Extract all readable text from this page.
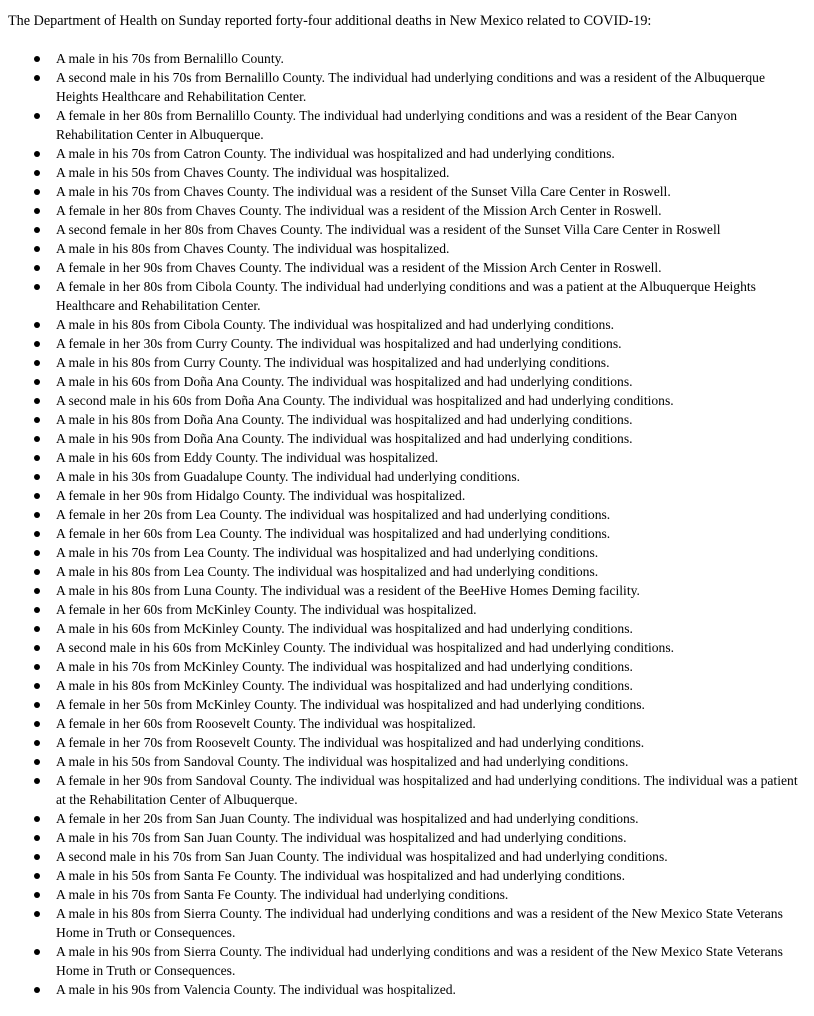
The Department of Health on Sunday reported forty-four additional deaths in New Mexico related to COVID-19:

A male in his 70s from Bernalillo County.
A second male in his 70s from Bernalillo County. The individual had underlying conditions and was a resident of the Albuquerque Heights Healthcare and Rehabilitation Center.
A female in her 80s from Bernalillo County. The individual had underlying conditions and was a resident of the Bear Canyon Rehabilitation Center in Albuquerque.
A male in his 70s from Catron County. The individual was hospitalized and had underlying conditions.
A male in his 50s from Chaves County. The individual was hospitalized.
A male in his 70s from Chaves County. The individual was a resident of the Sunset Villa Care Center in Roswell.
A female in her 80s from Chaves County. The individual was a resident of the Mission Arch Center in Roswell.
A second female in her 80s from Chaves County. The individual was a resident of the Sunset Villa Care Center in Roswell
A male in his 80s from Chaves County. The individual was hospitalized.
A female in her 90s from Chaves County. The individual was a resident of the Mission Arch Center in Roswell.
A female in her 80s from Cibola County. The individual had underlying conditions and was a patient at the Albuquerque Heights Healthcare and Rehabilitation Center.
A male in his 80s from Cibola County. The individual was hospitalized and had underlying conditions.
A female in her 30s from Curry County. The individual was hospitalized and had underlying conditions.
A male in his 80s from Curry County. The individual was hospitalized and had underlying conditions.
A male in his 60s from Doña Ana County. The individual was hospitalized and had underlying conditions.
A second male in his 60s from Doña Ana County. The individual was hospitalized and had underlying conditions.
A male in his 80s from Doña Ana County. The individual was hospitalized and had underlying conditions.
A male in his 90s from Doña Ana County. The individual was hospitalized and had underlying conditions.
A male in his 60s from Eddy County. The individual was hospitalized.
A male in his 30s from Guadalupe County. The individual had underlying conditions.
A female in her 90s from Hidalgo County. The individual was hospitalized.
A female in her 20s from Lea County. The individual was hospitalized and had underlying conditions.
A female in her 60s from Lea County. The individual was hospitalized and had underlying conditions.
A male in his 70s from Lea County. The individual was hospitalized and had underlying conditions.
A male in his 80s from Lea County. The individual was hospitalized and had underlying conditions.
A male in his 80s from Luna County. The individual was a resident of the BeeHive Homes Deming facility.
A female in her 60s from McKinley County. The individual was hospitalized.
A male in his 60s from McKinley County. The individual was hospitalized and had underlying conditions.
A second male in his 60s from McKinley County. The individual was hospitalized and had underlying conditions.
A male in his 70s from McKinley County. The individual was hospitalized and had underlying conditions.
A male in his 80s from McKinley County. The individual was hospitalized and had underlying conditions.
A female in her 50s from McKinley County. The individual was hospitalized and had underlying conditions.
A female in her 60s from Roosevelt County. The individual was hospitalized.
A female in her 70s from Roosevelt County. The individual was hospitalized and had underlying conditions.
A male in his 50s from Sandoval County. The individual was hospitalized and had underlying conditions.
A female in her 90s from Sandoval County. The individual was hospitalized and had underlying conditions. The individual was a patient at the Rehabilitation Center of Albuquerque.
A female in her 20s from San Juan County. The individual was hospitalized and had underlying conditions.
A male in his 70s from San Juan County. The individual was hospitalized and had underlying conditions.
A second male in his 70s from San Juan County. The individual was hospitalized and had underlying conditions.
A male in his 50s from Santa Fe County. The individual was hospitalized and had underlying conditions.
A male in his 70s from Santa Fe County. The individual had underlying conditions.
A male in his 80s from Sierra County. The individual had underlying conditions and was a resident of the New Mexico State Veterans Home in Truth or Consequences.
A male in his 90s from Sierra County. The individual had underlying conditions and was a resident of the New Mexico State Veterans Home in Truth or Consequences.
A male in his 90s from Valencia County. The individual was hospitalized.
